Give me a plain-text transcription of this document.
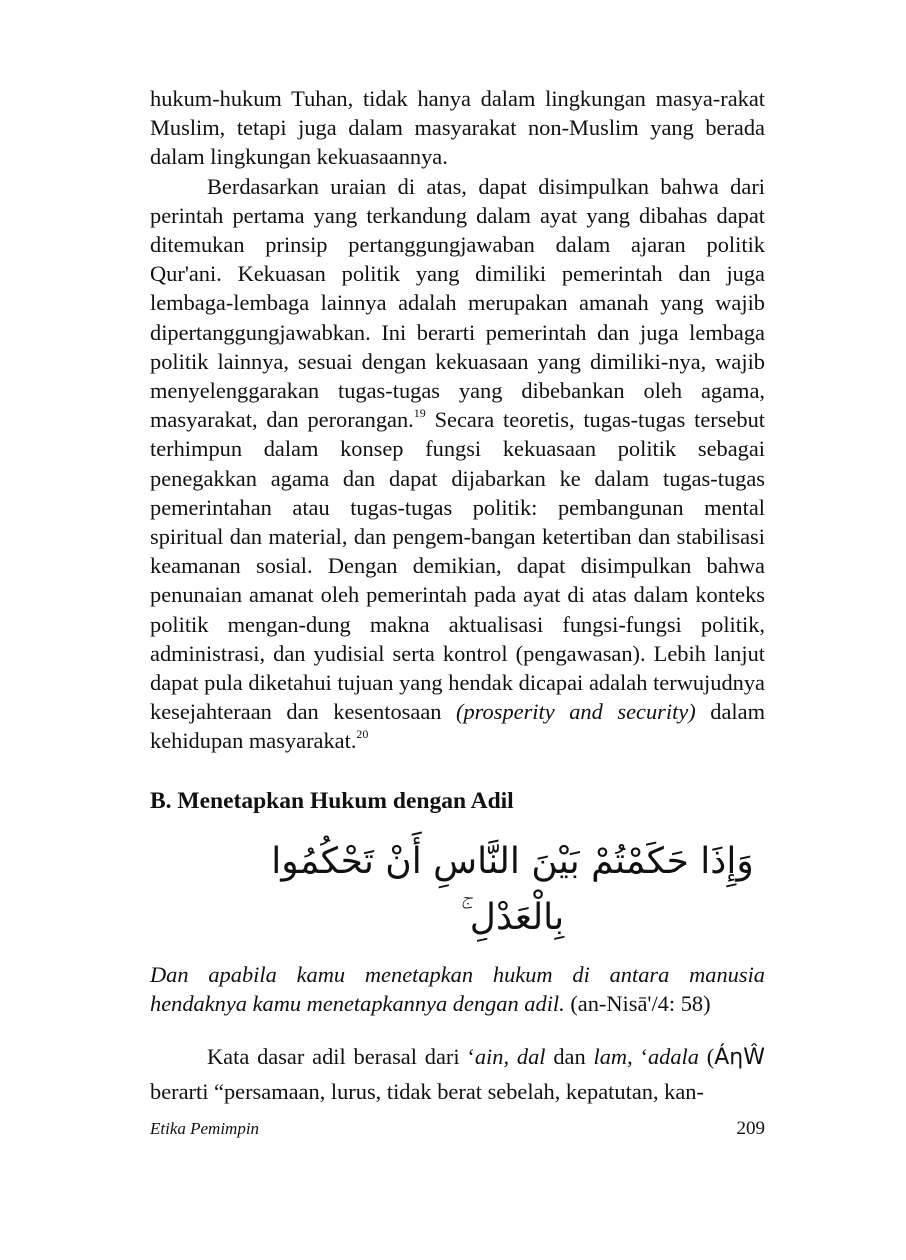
hukum-hukum Tuhan, tidak hanya dalam lingkungan masya-rakat Muslim, tetapi juga dalam masyarakat non-Muslim yang berada dalam lingkungan kekuasaannya.

Berdasarkan uraian di atas, dapat disimpulkan bahwa dari perintah pertama yang terkandung dalam ayat yang dibahas dapat ditemukan prinsip pertanggungjawaban dalam ajaran politik Qur'ani. Kekuasan politik yang dimiliki pemerintah dan juga lembaga-lembaga lainnya adalah merupakan amanah yang wajib dipertanggungjawabkan. Ini berarti pemerintah dan juga lembaga politik lainnya, sesuai dengan kekuasaan yang dimiliki-nya, wajib menyelenggarakan tugas-tugas yang dibebankan oleh agama, masyarakat, dan perorangan.$^{19}$ Secara teoretis, tugas-tugas tersebut terhimpun dalam konsep fungsi kekuasaan politik sebagai penegakkan agama dan dapat dijabarkan ke dalam tugas-tugas pemerintahan atau tugas-tugas politik: pembangunan mental spiritual dan material, dan pengem-bangan ketertiban dan stabilisasi keamanan sosial. Dengan demikian, dapat disimpulkan bahwa penunaian amanat oleh pemerintah pada ayat di atas dalam konteks politik mengan-dung makna aktualisasi fungsi-fungsi politik, administrasi, dan yudisial serta kontrol (pengawasan). Lebih lanjut dapat pula diketahui tujuan yang hendak dicapai adalah terwujudnya kesejahteraan dan kesentosaan (prosperity and security) dalam kehidupan masyarakat.$^{20}$

B. Menetapkan Hukum dengan Adil
وَإِذَا حَكَمْتُمْ بَيْنَ النَّاسِ أَنْ تَحْكُمُوا بِالْعَدْلِ ۚ

Dan apabila kamu menetapkan hukum di antara manusia hendaknya kamu menetapkannya dengan adil. (an-Nisā'/4: 58)

Kata dasar adil berasal dari ‘ain, dal dan lam, ‘adala (ÁηŴ berarti “persamaan, lurus, tidak berat sebelah, kepatutan, kan-

Etika Pemimpin	209
